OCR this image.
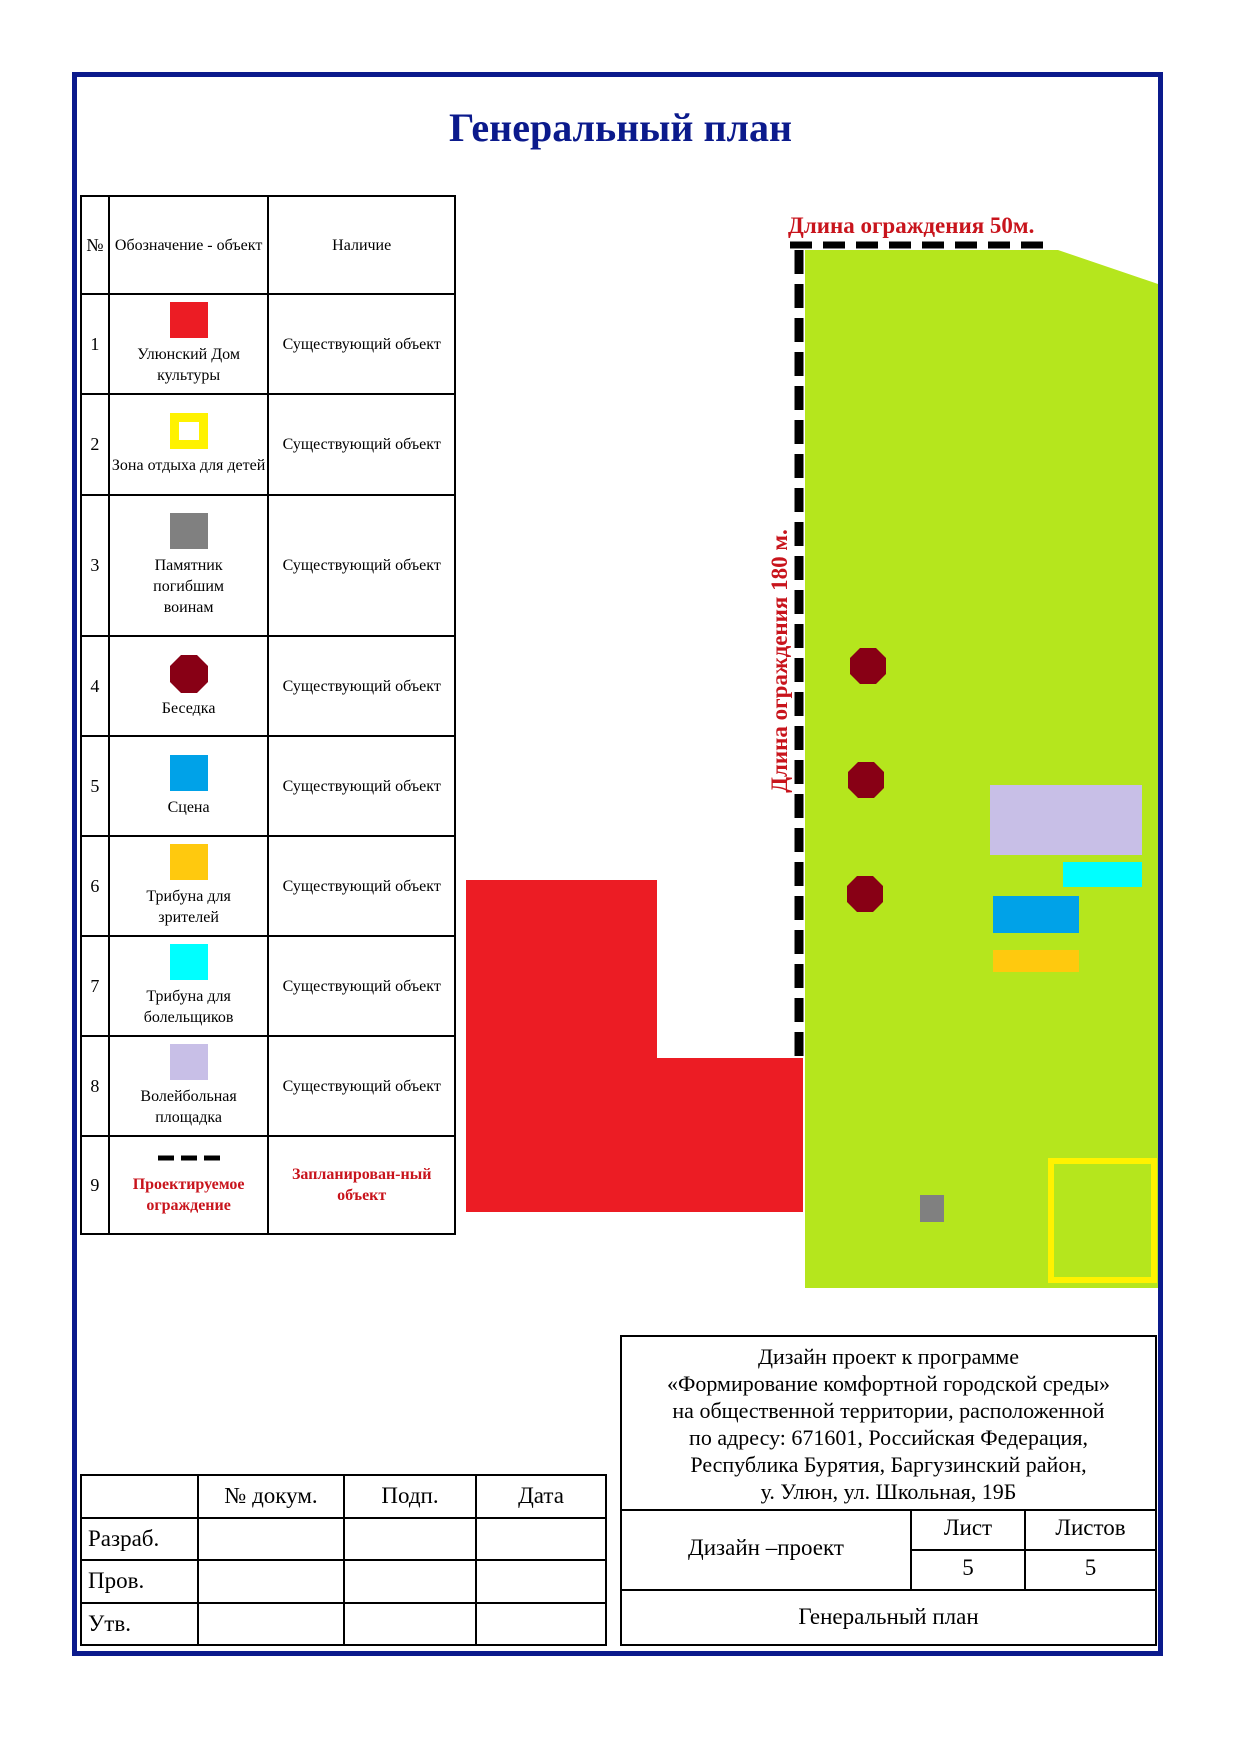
Генеральный план
№	Обозначение - объект	Наличие
1	Улюнский Дом культуры	Существующий объект
2	Зона отдыха для детей	Существующий объект
3	Памятник погибшим воинам	Существующий объект
4	Беседка	Существующий объект
5	Сцена	Существующий объект
6	Трибуна для зрителей	Существующий объект
7	Трибуна для болельщиков	Существующий объект
8	Волейбольная площадка	Существующий объект
9	Проектируемое ограждение	Запланирован-ный объект
Длина ограждения 50м.
Длина ограждения 180 м.
Дизайн проект к программе
«Формирование комфортной городской среды»
на общественной территории, расположенной
по адресу: 671601, Российская Федерация,
Республика Бурятия, Баргузинский район,
у. Улюн, ул. Школьная, 19Б
Дизайн –проект
Лист	Листов
5	5
Генеральный план
	№ докум.	Подп.	Дата
Разраб.			
Пров.			
Утв.			
